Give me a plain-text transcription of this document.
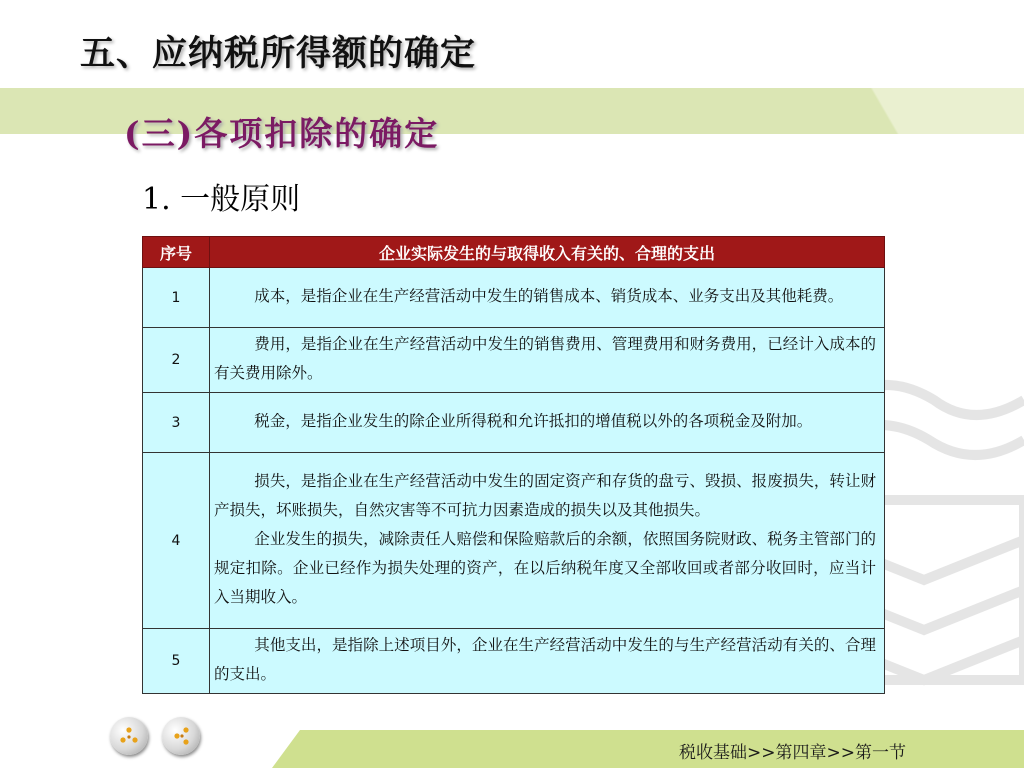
五、应纳税所得额的确定
(三)各项扣除的确定
1. 一般原则
序号	企业实际发生的与取得收入有关的、合理的支出
1	成本，是指企业在生产经营活动中发生的销售成本、销货成本、业务支出及其他耗费。

2	费用，是指企业在生产经营活动中发生的销售费用、管理费用和财务费用，已经计入成本的有关费用除外。

3	税金，是指企业发生的除企业所得税和允许抵扣的增值税以外的各项税金及附加。

4	损失，是指企业在生产经营活动中发生的固定资产和存货的盘亏、毁损、报废损失，转让财产损失，坏账损失，自然灾害等不可抗力因素造成的损失以及其他损失。

企业发生的损失，减除责任人赔偿和保险赔款后的余额，依照国务院财政、税务主管部门的规定扣除。企业已经作为损失处理的资产，在以后纳税年度又全部收回或者部分收回时，应当计入当期收入。

5	其他支出，是指除上述项目外，企业在生产经营活动中发生的与生产经营活动有关的、合理的支出。

税收基础>>第四章>>第一节
